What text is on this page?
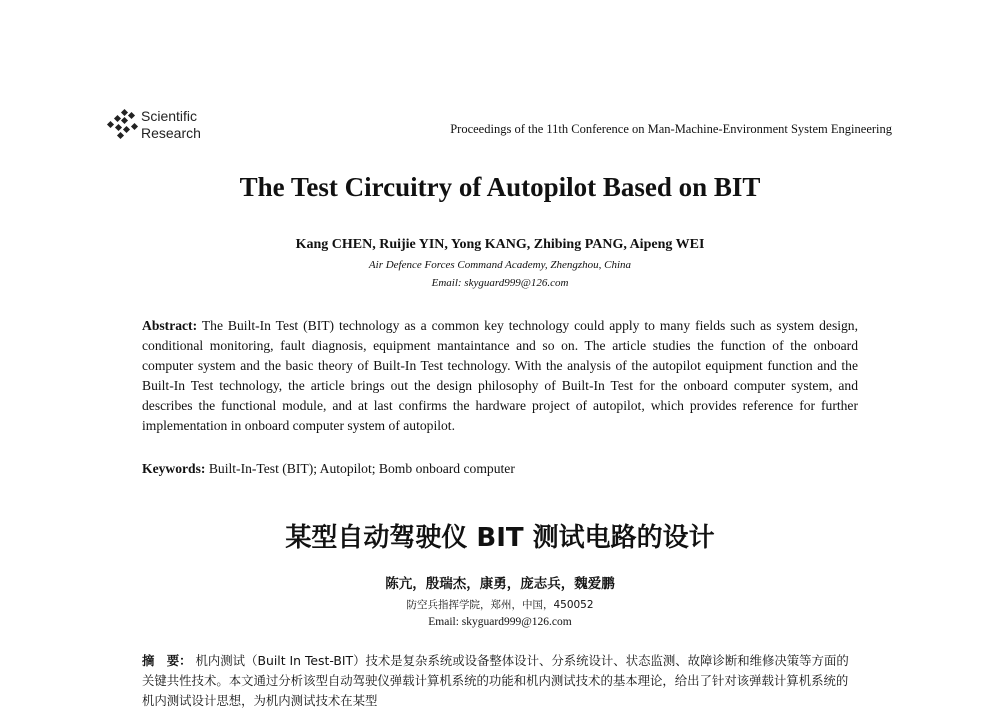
Scientific
Research	Proceedings of the 11th Conference on Man-Machine-Environment System Engineering
The Test Circuitry of Autopilot Based on BIT
Kang CHEN, Ruijie YIN, Yong KANG, Zhibing PANG, Aipeng WEI
Air Defence Forces Command Academy, Zhengzhou, China
Email: skyguard999@126.com
Abstract: The Built-In Test (BIT) technology as a common key technology could apply to many fields such as system design, conditional monitoring, fault diagnosis, equipment mantaintance and so on. The article studies the function of the onboard computer system and the basic theory of Built-In Test technology. With the analysis of the autopilot equipment function and the Built-In Test technology, the article brings out the design philosophy of Built-In Test for the onboard computer system, and describes the functional module, and at last confirms the hardware project of autopilot, which provides reference for further implementation in onboard computer system of autopilot.
Keywords: Built-In-Test (BIT); Autopilot; Bomb onboard computer
某型自动驾驶仪 BIT 测试电路的设计
陈亢，殷瑞杰，康勇，庞志兵，魏爱鹏
防空兵指挥学院，郑州，中国，450052
Email: skyguard999@126.com
摘　要： 机内测试（Built In Test-BIT）技术是复杂系统或设备整体设计、分系统设计、状态监测、故障诊断和维修决策等方面的关键共性技术。本文通过分析该型自动驾驶仪弹载计算机系统的功能和机内测试技术的基本理论，给出了针对该弹载计算机系统的机内测试设计思想，为机内测试技术在某型
